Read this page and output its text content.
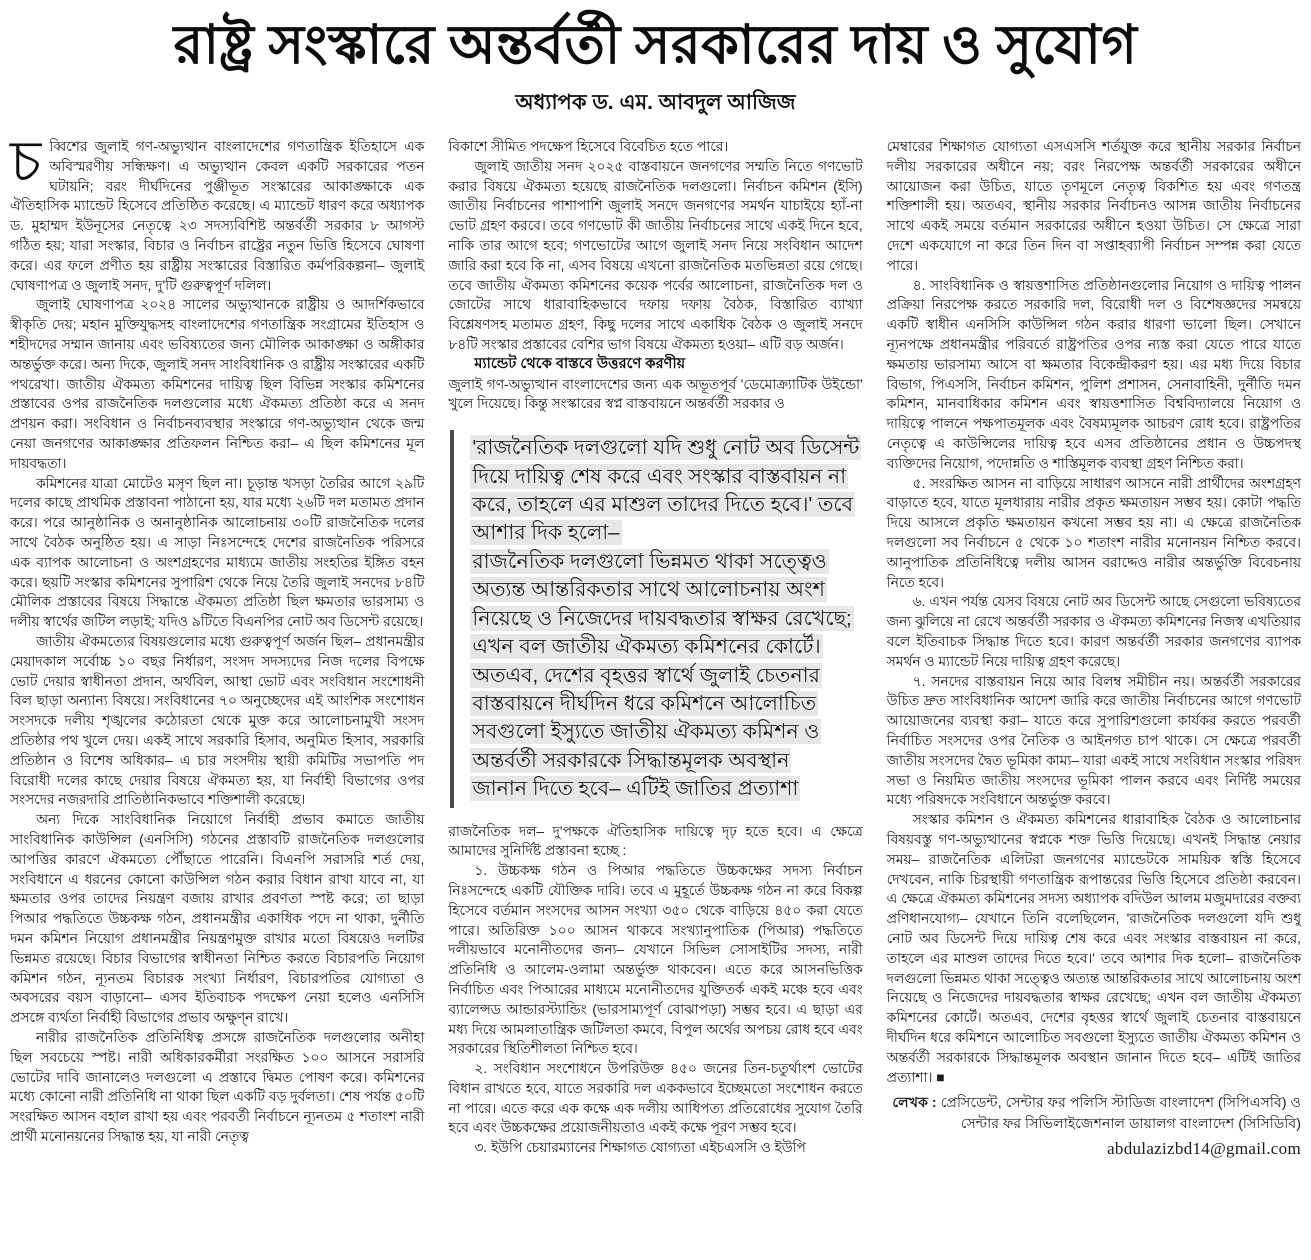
রাষ্ট্র সংস্কারে অন্তর্বর্তী সরকারের দায় ও সুযোগ
অধ্যাপক ড. এম. আবদুল আজিজ

চব্বিশের জুলাই গণ-অভ্যুত্থান বাংলাদেশের গণতান্ত্রিক ইতিহাসে এক অবিস্মরণীয় সন্ধিক্ষণ। এ অভ্যুত্থান কেবল একটি সরকারের পতন ঘটায়নি; বরং দীর্ঘদিনের পুঞ্জীভূত সংস্কারের আকাঙ্ক্ষাকে এক ঐতিহাসিক ম্যান্ডেট হিসেবে প্রতিষ্ঠিত করেছে। এ ম্যান্ডেট ধারণ করে অধ্যাপক ড. মুহাম্মদ ইউনূসের নেতৃত্বে ২৩ সদস্যবিশিষ্ট অন্তর্বর্তী সরকার ৮ আগস্ট গঠিত হয়; যারা সংস্কার, বিচার ও নির্বাচন রাষ্ট্রের নতুন ভিত্তি হিসেবে ঘোষণা করে। এর ফলে প্রণীত হয় রাষ্ট্রীয় সংস্কারের বিস্তারিত কর্মপরিকল্পনা– জুলাই ঘোষণাপত্র ও জুলাই সনদ, দু'টি গুরুত্বপূর্ণ দলিল।

জুলাই ঘোষণাপত্র ২০২৪ সালের অভ্যুত্থানকে রাষ্ট্রীয় ও আদর্শিকভাবে স্বীকৃতি দেয়; মহান মুক্তিযুদ্ধসহ বাংলাদেশের গণতান্ত্রিক সংগ্রামের ইতিহাস ও শহীদদের সম্মান জানায় এবং ভবিষ্যতের জন্য মৌলিক আকাঙ্ক্ষা ও অঙ্গীকার অন্তর্ভুক্ত করে। অন্য দিকে, জুলাই সনদ সাংবিধানিক ও রাষ্ট্রীয় সংস্কারের একটি পথরেখা। জাতীয় ঐকমত্য কমিশনের দায়িত্ব ছিল বিভিন্ন সংস্কার কমিশনের প্রস্তাবের ওপর রাজনৈতিক দলগুলোর মধ্যে ঐকমত্য প্রতিষ্ঠা করে এ সনদ প্রণয়ন করা। সংবিধান ও নির্বাচনব্যবস্থার সংস্কারে গণ-অভ্যুত্থান থেকে জন্ম নেয়া জনগণের আকাঙ্ক্ষার প্রতিফলন নিশ্চিত করা– এ ছিল কমিশনের মূল দায়বদ্ধতা।

কমিশনের যাত্রা মোটেও মসৃণ ছিল না। চূড়ান্ত খসড়া তৈরির আগে ২৯টি দলের কাছে প্রাথমিক প্রস্তাবনা পাঠানো হয়, যার মধ্যে ২৬টি দল মতামত প্রদান করে। পরে আনুষ্ঠানিক ও অনানুষ্ঠানিক আলোচনায় ৩০টি রাজনৈতিক দলের সাথে বৈঠক অনুষ্ঠিত হয়। এ সাড়া নিঃসন্দেহে দেশের রাজনৈতিক পরিসরে এক ব্যাপক আলোচনা ও অংশগ্রহণের মাধ্যমে জাতীয় সংহতির ইঙ্গিত বহন করে। ছয়টি সংস্কার কমিশনের সুপারিশ থেকে নিয়ে তৈরি জুলাই সনদের ৮৪টি মৌলিক প্রস্তাবের বিষয়ে সিদ্ধান্তে ঐকমত্য প্রতিষ্ঠা ছিল ক্ষমতার ভারসাম্য ও দলীয় স্বার্থের জটিল লড়াই; যদিও ৯টিতে বিএনপির নোট অব ডিসেন্ট রয়েছে।

জাতীয় ঐকমত্যের বিষয়গুলোর মধ্যে গুরুত্বপূর্ণ অর্জন ছিল– প্রধানমন্ত্রীর মেয়াদকাল সর্বোচ্চ ১০ বছর নির্ধারণ, সংসদ সদস্যদের নিজ দলের বিপক্ষে ভোট দেয়ার স্বাধীনতা প্রদান, অর্থবিল, আস্থা ভোট এবং সংবিধান সংশোধনী বিল ছাড়া অন্যান্য বিষয়ে। সংবিধানের ৭০ অনুচ্ছেদের এই আংশিক সংশোধন সংসদকে দলীয় শৃঙ্খলের কঠোরতা থেকে মুক্ত করে আলোচনামুখী সংসদ প্রতিষ্ঠার পথ খুলে দেয়। একই সাথে সরকারি হিসাব, অনুমিত হিসাব, সরকারি প্রতিষ্ঠান ও বিশেষ অধিকার– এ চার সংসদীয় স্থায়ী কমিটির সভাপতি পদ বিরোধী দলের কাছে দেয়ার বিষয়ে ঐকমত্য হয়, যা নির্বাহী বিভাগের ওপর সংসদের নজরদারি প্রাতিষ্ঠানিকভাবে শক্তিশালী করেছে।

অন্য দিকে সাংবিধানিক নিয়োগে নির্বাহী প্রভাব কমাতে জাতীয় সাংবিধানিক কাউন্সিল (এনসিসি) গঠনের প্রস্তাবটি রাজনৈতিক দলগুলোর আপত্তির কারণে ঐকমত্যে পৌঁছাতে পারেনি। বিএনপি সরাসরি শর্ত দেয়, সংবিধানে এ ধরনের কোনো কাউন্সিল গঠন করার বিধান রাখা যাবে না, যা ক্ষমতার ওপর তাদের নিয়ন্ত্রণ বজায় রাখার প্রবণতা স্পষ্ট করে; তা ছাড়া পিআর পদ্ধতিতে উচ্চকক্ষ গঠন, প্রধানমন্ত্রীর একাধিক পদে না থাকা, দুর্নীতি দমন কমিশন নিয়োগ প্রধানমন্ত্রীর নিয়ন্ত্রণমুক্ত রাখার মতো বিষয়েও দলটির ভিন্নমত রয়েছে। বিচার বিভাগের স্বাধীনতা নিশ্চিত করতে বিচারপতি নিয়োগ কমিশন গঠন, ন্যূনতম বিচারক সংখ্যা নির্ধারণ, বিচারপতির যোগ্যতা ও অবসরের বয়স বাড়ানো– এসব ইতিবাচক পদক্ষেপ নেয়া হলেও এনসিসি প্রসঙ্গে ব্যর্থতা নির্বাহী বিভাগের প্রভাব অক্ষুণ্ন রাখে।

নারীর রাজনৈতিক প্রতিনিধিত্ব প্রসঙ্গে রাজনৈতিক দলগুলোর অনীহা ছিল সবচেয়ে স্পষ্ট। নারী অধিকারকর্মীরা সংরক্ষিত ১০০ আসনে সরাসরি ভোটের দাবি জানালেও দলগুলো এ প্রস্তাবে দ্বিমত পোষণ করে। কমিশনের মধ্যে কোনো নারী প্রতিনিধি না থাকা ছিল একটি বড় দুর্বলতা। শেষ পর্যন্ত ৫০টি সংরক্ষিত আসন বহাল রাখা হয় এবং পরবর্তী নির্বাচনে ন্যূনতম ৫ শতাংশ নারী প্রার্থী মনোনয়নের সিদ্ধান্ত হয়, যা নারী নেতৃত্ব

বিকাশে সীমিত পদক্ষেপ হিসেবে বিবেচিত হতে পারে।

জুলাই জাতীয় সনদ ২০২৫ বাস্তবায়নে জনগণের সম্মতি নিতে গণভোট করার বিষয়ে ঐকমত্য হয়েছে রাজনৈতিক দলগুলো। নির্বাচন কমিশন (ইসি) জাতীয় নির্বাচনের পাশাপাশি জুলাই সনদে জনগণের সমর্থন যাচাইয়ে হ্যাঁ-না ভোট গ্রহণ করবে। তবে গণভোট কী জাতীয় নির্বাচনের সাথে একই দিনে হবে, নাকি তার আগে হবে; গণভোটের আগে জুলাই সনদ নিয়ে সংবিধান আদেশ জারি করা হবে কি না, এসব বিষয়ে এখনো রাজনৈতিক মতভিন্নতা রয়ে গেছে। তবে জাতীয় ঐকমত্য কমিশনের কয়েক পর্বের আলোচনা, রাজনৈতিক দল ও জোটের সাথে ধারাবাহিকভাবে দফায় দফায় বৈঠক, বিস্তারিত ব্যাখ্যা বিশ্লেষণসহ মতামত গ্রহণ, কিছু দলের সাথে একাধিক বৈঠক ও জুলাই সনদে ৮৪টি সংস্কার প্রস্তাবের বেশির ভাগ বিষয়ে ঐকমত্য হওয়া– এটি বড় অর্জন।

ম্যান্ডেট থেকে বাস্তবে উত্তরণে করণীয়

জুলাই গণ-অভ্যুত্থান বাংলাদেশের জন্য এক অভূতপূর্ব 'ডেমোক্র্যাটিক উইন্ডো' খুলে দিয়েছে। কিন্তু সংস্কারের স্বপ্ন বাস্তবায়নে অন্তর্বর্তী সরকার ও

'রাজনৈতিক দলগুলো যদি শুধু নোট অব ডিসেন্ট
দিয়ে দায়িত্ব শেষ করে এবং সংস্কার বাস্তবায়ন না
করে, তাহলে এর মাশুল তাদের দিতে হবে।' তবে
আশার দিক হলো–
রাজনৈতিক দলগুলো ভিন্নমত থাকা সত্ত্বেও
অত্যন্ত আন্তরিকতার সাথে আলোচনায় অংশ
নিয়েছে ও নিজেদের দায়বদ্ধতার স্বাক্ষর রেখেছে;
এখন বল জাতীয় ঐকমত্য কমিশনের কোর্টে।
অতএব, দেশের বৃহত্তর স্বার্থে জুলাই চেতনার
বাস্তবায়নে দীর্ঘদিন ধরে কমিশনে আলোচিত
সবগুলো ইস্যুতে জাতীয় ঐকমত্য কমিশন ও
অন্তর্বর্তী সরকারকে সিদ্ধান্তমূলক অবস্থান
জানান দিতে হবে– এটিই জাতির প্রত্যাশা

রাজনৈতিক দল– দু'পক্ষকে ঐতিহাসিক দায়িত্বে দৃঢ় হতে হবে। এ ক্ষেত্রে আমাদের সুনির্দিষ্ট প্রস্তাবনা হচ্ছে :

১. উচ্চকক্ষ গঠন ও পিআর পদ্ধতিতে উচ্চকক্ষের সদস্য নির্বাচন নিঃসন্দেহে একটি যৌক্তিক দাবি। তবে এ মুহূর্তে উচ্চকক্ষ গঠন না করে বিকল্প হিসেবে বর্তমান সংসদের আসন সংখ্যা ৩৫০ থেকে বাড়িয়ে ৪৫০ করা যেতে পারে। অতিরিক্ত ১০০ আসন থাকবে সংখ্যানুপাতিক (পিআর) পদ্ধতিতে দলীয়ভাবে মনোনীতদের জন্য– যেখানে সিভিল সোসাইটির সদস্য, নারী প্রতিনিধি ও আলেম-ওলামা অন্তর্ভুক্ত থাকবেন। এতে করে আসনভিত্তিক নির্বাচিত এবং পিআরের মাধ্যমে মনোনীতদের যুক্তিতর্ক একই মঞ্চে হবে এবং ব্যালেন্সড আন্ডারস্ট্যান্ডিং (ভারসাম্যপূর্ণ বোঝাপড়া) সম্ভব হবে। এ ছাড়া এর মধ্য দিয়ে আমলাতান্ত্রিক জটিলতা কমবে, বিপুল অর্থের অপচয় রোধ হবে এবং সরকারের স্থিতিশীলতা নিশ্চিত হবে।

২. সংবিধান সংশোধনে উপরিউক্ত ৪৫০ জনের তিন-চতুর্থাংশ ভোটের বিধান রাখতে হবে, যাতে সরকারি দল এককভাবে ইচ্ছেমতো সংশোধন করতে না পারে। এতে করে এক কক্ষে এক দলীয় আধিপত্য প্রতিরোধের সুযোগ তৈরি হবে এবং উচ্চকক্ষের প্রয়োজনীয়তাও একই কক্ষে পূরণ সম্ভব হবে।

৩. ইউপি চেয়ারম্যানের শিক্ষাগত যোগ্যতা এইচএসসি ও ইউপি

মেম্বারের শিক্ষাগত যোগ্যতা এসএসসি শর্তযুক্ত করে স্থানীয় সরকার নির্বাচন দলীয় সরকারের অধীনে নয়; বরং নিরপেক্ষ অন্তর্বর্তী সরকারের অধীনে আয়োজন করা উচিত, যাতে তৃণমূলে নেতৃত্ব বিকশিত হয় এবং গণতন্ত্র শক্তিশালী হয়। অতএব, স্থানীয় সরকার নির্বাচনও আসন্ন জাতীয় নির্বাচনের সাথে একই সময়ে বর্তমান সরকারের অধীনে হওয়া উচিত। সে ক্ষেত্রে সারা দেশে একযোগে না করে তিন দিন বা সপ্তাহব্যাপী নির্বাচন সম্পন্ন করা যেতে পারে।

৪. সাংবিধানিক ও স্বায়ত্তশাসিত প্রতিষ্ঠানগুলোর নিয়োগ ও দায়িত্ব পালন প্রক্রিয়া নিরপেক্ষ করতে সরকারি দল, বিরোধী দল ও বিশেষজ্ঞদের সমন্বয়ে একটি স্বাধীন এনসিসি কাউন্সিল গঠন করার ধারণা ভালো ছিল। সেখানে ন্যূনপক্ষে প্রধানমন্ত্রীর পরিবর্তে রাষ্ট্রপতির ওপর ন্যস্ত করা যেতে পারে যাতে ক্ষমতায় ভারসাম্য আসে বা ক্ষমতার বিকেন্দ্রীকরণ হয়। এর মধ্য দিয়ে বিচার বিভাগ, পিএসসি, নির্বাচন কমিশন, পুলিশ প্রশাসন, সেনাবাহিনী, দুর্নীতি দমন কমিশন, মানবাধিকার কমিশন এবং স্বায়ত্তশাসিত বিশ্ববিদ্যালয়ে নিয়োগ ও দায়িত্বে পালনে পক্ষপাতমূলক এবং বৈষম্যমূলক আচরণ রোধ হবে। রাষ্ট্রপতির নেতৃত্বে এ কাউন্সিলের দায়িত্ব হবে এসব প্রতিষ্ঠানের প্রধান ও উচ্চপদস্থ ব্যক্তিদের নিয়োগ, পদোন্নতি ও শাস্তিমূলক ব্যবস্থা গ্রহণ নিশ্চিত করা।

৫. সংরক্ষিত আসন না বাড়িয়ে সাধারণ আসনে নারী প্রার্থীদের অংশগ্রহণ বাড়াতে হবে, যাতে মূলধারায় নারীর প্রকৃত ক্ষমতায়ন সম্ভব হয়। কোটা পদ্ধতি দিয়ে আসলে প্রকৃতি ক্ষমতায়ন কখনো সম্ভব হয় না। এ ক্ষেত্রে রাজনৈতিক দলগুলো সব নির্বাচনে ৫ থেকে ১০ শতাংশ নারীর মনোনয়ন নিশ্চিত করবে। আনুপাতিক প্রতিনিধিত্বে দলীয় আসন বরাদ্দেও নারীর অন্তর্ভুক্তি বিবেচনায় নিতে হবে।

৬. এখন পর্যন্ত যেসব বিষয়ে নোট অব ডিসেন্ট আছে সেগুলো ভবিষ্যতের জন্য ঝুলিয়ে না রেখে অন্তর্বর্তী সরকার ও ঐকমত্য কমিশনের নিজস্ব এখতিয়ার বলে ইতিবাচক সিদ্ধান্ত দিতে হবে। কারণ অন্তর্বর্তী সরকার জনগণের ব্যাপক সমর্থন ও ম্যান্ডেট নিয়ে দায়িত্ব গ্রহণ করেছে।

৭. সনদের বাস্তবায়ন নিয়ে আর বিলম্ব সমীচীন নয়। অন্তর্বর্তী সরকারের উচিত দ্রুত সাংবিধানিক আদেশ জারি করে জাতীয় নির্বাচনের আগে গণভোট আয়োজনের ব্যবস্থা করা– যাতে করে সুপারিশগুলো কার্যকর করতে পরবর্তী নির্বাচিত সংসদের ওপর নৈতিক ও আইনগত চাপ থাকে। সে ক্ষেত্রে পরবর্তী জাতীয় সংসদের দ্বৈত ভূমিকা কাম্য– যারা একই সাথে সংবিধান সংস্কার পরিষদ সভা ও নিয়মিত জাতীয় সংসদের ভূমিকা পালন করবে এবং নির্দিষ্ট সময়ের মধ্যে পরিষদকে সংবিধানে অন্তর্ভুক্ত করবে।

সংস্কার কমিশন ও ঐকমত্য কমিশনের ধারাবাহিক বৈঠক ও আলোচনার বিষয়বস্তু গণ-অভ্যুত্থানের স্বপ্নকে শক্ত ভিত্তি দিয়েছে। এখনই সিদ্ধান্ত নেয়ার সময়– রাজনৈতিক এলিটরা জনগণের ম্যান্ডেটকে সাময়িক স্বস্তি হিসেবে দেখবেন, নাকি চিরস্থায়ী গণতান্ত্রিক রূপান্তরের ভিত্তি হিসেবে প্রতিষ্ঠা করবেন। এ ক্ষেত্রে ঐকমত্য কমিশনের সদস্য অধ্যাপক বদিউল আলম মজুমদারের বক্তব্য প্রণিধানযোগ্য– যেখানে তিনি বলেছিলেন, 'রাজনৈতিক দলগুলো যদি শুধু নোট অব ডিসেন্ট দিয়ে দায়িত্ব শেষ করে এবং সংস্কার বাস্তবায়ন না করে, তাহলে এর মাশুল তাদের দিতে হবে।' তবে আশার দিক হলো– রাজনৈতিক দলগুলো ভিন্নমত থাকা সত্ত্বেও অত্যন্ত আন্তরিকতার সাথে আলোচনায় অংশ নিয়েছে ও নিজেদের দায়বদ্ধতার স্বাক্ষর রেখেছে; এখন বল জাতীয় ঐকমত্য কমিশনের কোর্টে। অতএব, দেশের বৃহত্তর স্বার্থে জুলাই চেতনার বাস্তবায়নে দীর্ঘদিন ধরে কমিশনে আলোচিত সবগুলো ইস্যুতে জাতীয় ঐকমত্য কমিশন ও অন্তর্বর্তী সরকারকে সিদ্ধান্তমূলক অবস্থান জানান দিতে হবে– এটিই জাতির প্রত্যাশা। ■

লেখক : প্রেসিডেন্ট, সেন্টার ফর পলিসি স্টাডিজ বাংলাদেশ (সিপিএসবি) ও সেন্টার ফর সিভিলাইজেশনাল ডায়ালগ বাংলাদেশ (সিসিডিবি)
abdulazizbd14@gmail.com
